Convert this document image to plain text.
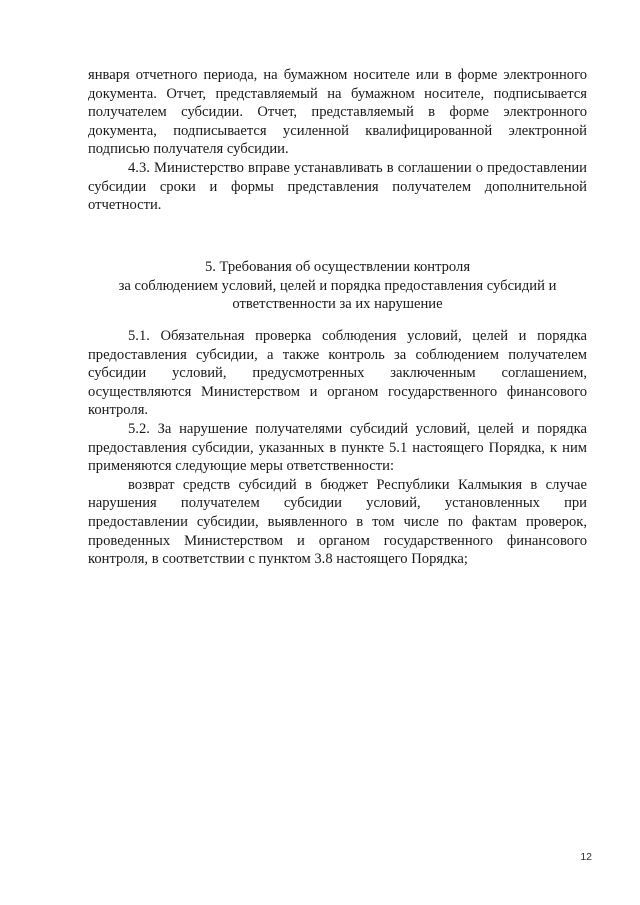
января отчетного периода, на бумажном носителе или в форме электронного документа. Отчет, представляемый на бумажном носителе, подписывается получателем субсидии. Отчет, представляемый в форме электронного документа, подписывается усиленной квалифицированной электронной подписью получателя субсидии.

4.3. Министерство вправе устанавливать в соглашении о предоставлении субсидии сроки и формы представления получателем дополнительной отчетности.

5. Требования об осуществлении контроля
за соблюдением условий, целей и порядка предоставления субсидий и
ответственности за их нарушение

5.1. Обязательная проверка соблюдения условий, целей и порядка предоставления субсидии, а также контроль за соблюдением получателем субсидии условий, предусмотренных заключенным соглашением, осуществляются Министерством и органом государственного финансового контроля.

5.2. За нарушение получателями субсидий условий, целей и порядка предоставления субсидии, указанных в пункте 5.1 настоящего Порядка, к ним применяются следующие меры ответственности:

возврат средств субсидий в бюджет Республики Калмыкия в случае нарушения получателем субсидии условий, установленных при предоставлении субсидии, выявленного в том числе по фактам проверок, проведенных Министерством и органом государственного финансового контроля, в соответствии с пунктом 3.8 настоящего Порядка;

12
